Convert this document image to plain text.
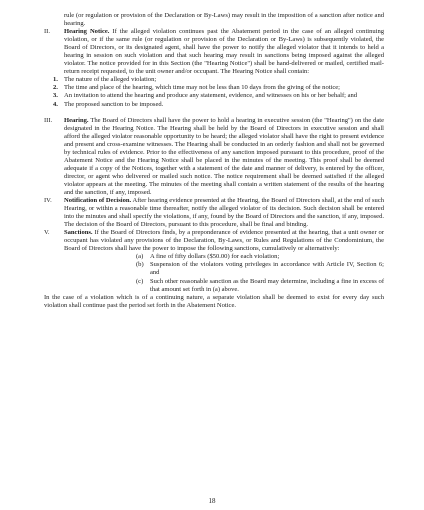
rule (or regulation or provision of the Declaration or By-Laws) may result in the imposition of a sanction after notice and hearing.

II. Hearing Notice. If the alleged violation continues past the Abatement period in the case of an alleged continuing violation, or if the same rule (or regulation or provision of the Declaration or By-Laws) is subsequently violated, the Board of Directors, or its designated agent, shall have the power to notify the alleged violator that it intends to held a hearing in session on such violation and that such hearing may result in sanctions being imposed against the alleged violator. The notice provided for in this Section (the "Hearing Notice") shall be hand-delivered or mailed, certified mail-return receipt requested, to the unit owner and/or occupant. The Hearing Notice shall contain:

1. The nature of the alleged violation;

2. The time and place of the hearing, which time may not be less than 10 days from the giving of the notice;

3. An invitation to attend the hearing and produce any statement, evidence, and witnesses on his or her behalf; and

4. The proposed sanction to be imposed.

III. Hearing. The Board of Directors shall have the power to hold a hearing in executive session (the "Hearing") on the date designated in the Hearing Notice. The Hearing shall be held by the Board of Directors in executive session and shall afford the alleged violator reasonable opportunity to be heard; the alleged violator shall have the right to present evidence and present and cross-examine witnesses. The Hearing shall be conducted in an orderly fashion and shall not be governed by technical rules of evidence. Prior to the effectiveness of any sanction imposed pursuant to this procedure, proof of the Abatement Notice and the Hearing Notice shall be placed in the minutes of the meeting. This proof shall be deemed adequate if a copy of the Notices, together with a statement of the date and manner of delivery, is entered by the officer, director, or agent who delivered or mailed such notice. The notice requirement shall be deemed satisfied if the alleged violator appears at the meeting. The minutes of the meeting shall contain a written statement of the results of the hearing and the sanction, if any, imposed.

IV. Notification of Decision. After hearing evidence presented at the Hearing, the Board of Directors shall, at the end of such Hearing, or within a reasonable time thereafter, notify the alleged violator of its decision. Such decision shall be entered into the minutes and shall specify the violations, if any, found by the Board of Directors and the sanction, if any, imposed. The decision of the Board of Directors, pursuant to this procedure, shall be final and binding.

V. Sanctions. If the Board of Directors finds, by a preponderance of evidence presented at the hearing, that a unit owner or occupant has violated any provisions of the Declaration, By-Laws, or Rules and Regulations of the Condominium, the Board of Directors shall have the power to impose the following sanctions, cumulatively or alternatively:

(a) A fine of fifty dollars ($50.00) for each violation;

(b) Suspension of the violators voting privileges in accordance with Article IV, Section 6; and

(c) Such other reasonable sanction as the Board may determine, including a fine in excess of that amount set forth in (a) above.

In the case of a violation which is of a continuing nature, a separate violation shall be deemed to exist for every day such violation shall continue past the period set forth in the Abatement Notice.

18
